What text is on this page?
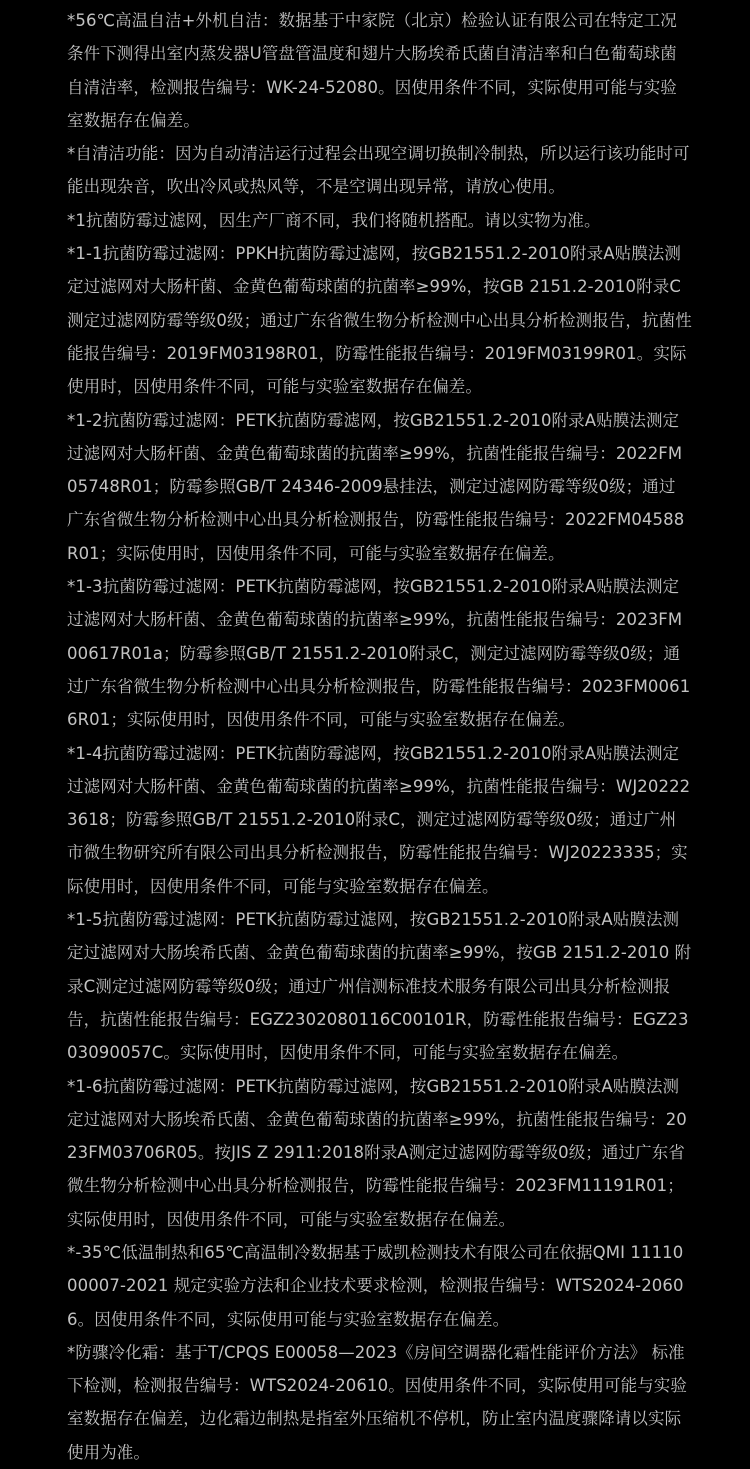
*56℃高温自洁+外机自洁：数据基于中家院（北京）检验认证有限公司在特定工况条件下测得出室内蒸发器U管盘管温度和翅片大肠埃希氏菌自清洁率和白色葡萄球菌自清洁率，检测报告编号：WK-24-52080。因使用条件不同，实际使用可能与实验室数据存在偏差。

*自清洁功能：因为自动清洁运行过程会出现空调切换制冷制热，所以运行该功能时可能出现杂音，吹出冷风或热风等，不是空调出现异常，请放心使用。

*1抗菌防霉过滤网，因生产厂商不同，我们将随机搭配。请以实物为准。

*1-1抗菌防霉过滤网：PPKH抗菌防霉过滤网，按GB21551.2-2010附录A贴膜法测定过滤网对大肠杆菌、金黄色葡萄球菌的抗菌率≥99%，按GB 2151.2-2010附录C测定过滤网防霉等级0级；通过广东省微生物分析检测中心出具分析检测报告，抗菌性能报告编号：2019FM03198R01，防霉性能报告编号：2019FM03199R01。实际使用时，因使用条件不同，可能与实验室数据存在偏差。

*1-2抗菌防霉过滤网：PETK抗菌防霉滤网，按GB21551.2-2010附录A贴膜法测定过滤网对大肠杆菌、金黄色葡萄球菌的抗菌率≥99%，抗菌性能报告编号：2022FM05748R01；防霉参照GB/T 24346-2009悬挂法，测定过滤网防霉等级0级；通过广东省微生物分析检测中心出具分析检测报告，防霉性能报告编号：2022FM04588R01；实际使用时，因使用条件不同，可能与实验室数据存在偏差。

*1-3抗菌防霉过滤网：PETK抗菌防霉滤网，按GB21551.2-2010附录A贴膜法测定过滤网对大肠杆菌、金黄色葡萄球菌的抗菌率≥99%，抗菌性能报告编号：2023FM00617R01a；防霉参照GB/T 21551.2-2010附录C，测定过滤网防霉等级0级；通过广东省微生物分析检测中心出具分析检测报告，防霉性能报告编号：2023FM00616R01；实际使用时，因使用条件不同，可能与实验室数据存在偏差。

*1-4抗菌防霉过滤网：PETK抗菌防霉滤网，按GB21551.2-2010附录A贴膜法测定过滤网对大肠杆菌、金黄色葡萄球菌的抗菌率≥99%，抗菌性能报告编号：WJ202223618；防霉参照GB/T 21551.2-2010附录C，测定过滤网防霉等级0级；通过广州市微生物研究所有限公司出具分析检测报告，防霉性能报告编号：WJ20223335；实际使用时，因使用条件不同，可能与实验室数据存在偏差。

*1-5抗菌防霉过滤网：PETK抗菌防霉过滤网，按GB21551.2-2010附录A贴膜法测定过滤网对大肠埃希氏菌、金黄色葡萄球菌的抗菌率≥99%，按GB 2151.2-2010 附录C测定过滤网防霉等级0级；通过广州信测标准技术服务有限公司出具分析检测报告，抗菌性能报告编号：EGZ2302080116C00101R，防霉性能报告编号：EGZ2303090057C。实际使用时，因使用条件不同，可能与实验室数据存在偏差。

*1-6抗菌防霉过滤网：PETK抗菌防霉过滤网，按GB21551.2-2010附录A贴膜法测定过滤网对大肠埃希氏菌、金黄色葡萄球菌的抗菌率≥99%，抗菌性能报告编号：2023FM03706R05。按JIS Z 2911:2018附录A测定过滤网防霉等级0级；通过广东省微生物分析检测中心出具分析检测报告，防霉性能报告编号：2023FM11191R01；实际使用时，因使用条件不同，可能与实验室数据存在偏差。

*-35℃低温制热和65℃高温制冷数据基于威凯检测技术有限公司在依据QMI 1111000007-2021 规定实验方法和企业技术要求检测，检测报告编号：WTS2024-20606。因使用条件不同，实际使用可能与实验室数据存在偏差。

*防骤冷化霜：基于T/CPQS E00058—2023《房间空调器化霜性能评价方法》 标准下检测，检测报告编号：WTS2024-20610。因使用条件不同，实际使用可能与实验室数据存在偏差，边化霜边制热是指室外压缩机不停机，防止室内温度骤降请以实际使用为准。
